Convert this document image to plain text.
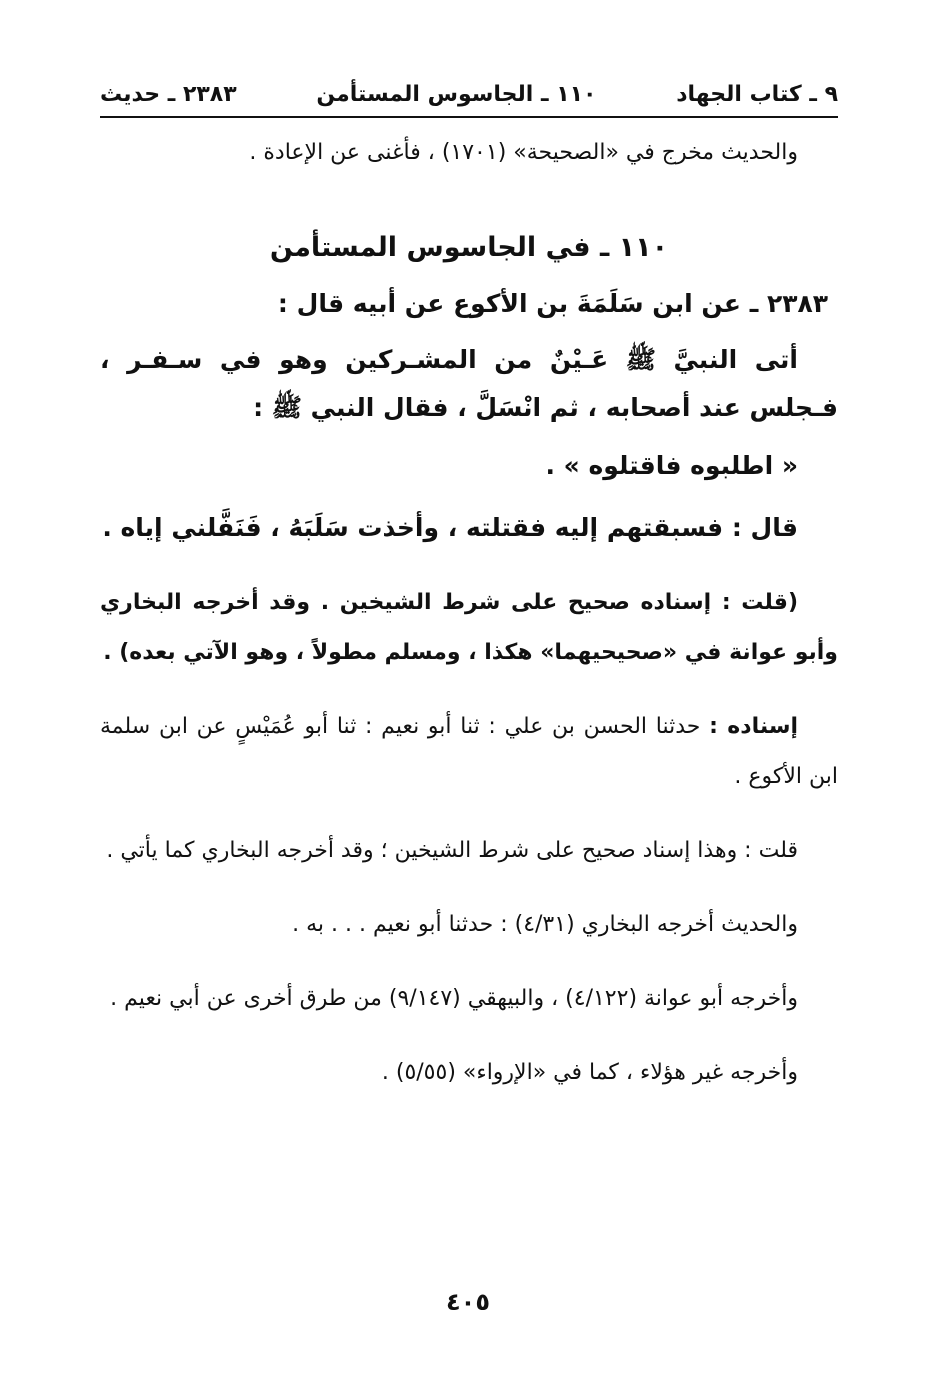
٩ ـ كتاب الجهاد
١١٠ ـ الجاسوس المستأمن
٢٣٨٣ ـ حديث

والحديث مخرج في «الصحيحة» (١٧٠١) ، فأغنى عن الإعادة .

١١٠ ـ في الجاسوس المستأمن

٢٣٨٣ ـ عن ابن سَلَمَةَ بن الأكوع عن أبيه قال :

أتى النبيَّ ﷺ عَـيْنٌ من المشـركين وهو في سـفـر ، فـجلس عند أصحابه ، ثم انْسَلَّ ، فقال النبي ﷺ :

« اطلبوه فاقتلوه » .

قال : فسبقتهم إليه فقتلته ، وأخذت سَلَبَهُ ، فَنَفَّلني إياه .

(قلت : إسناده صحيح على شرط الشيخين . وقد أخرجه البخاري وأبو عوانة في «صحيحيهما» هكذا ، ومسلم مطولاً ، وهو الآتي بعده) .

إسناده : حدثنا الحسن بن علي : ثنا أبو نعيم : ثنا أبو عُمَيْسٍ عن ابن سلمة ابن الأكوع .

قلت : وهذا إسناد صحيح على شرط الشيخين ؛ وقد أخرجه البخاري كما يأتي .

والحديث أخرجه البخاري (٤/٣١) : حدثنا أبو نعيم . . . به .

وأخرجه أبو عوانة (٤/١٢٢) ، والبيهقي (٩/١٤٧) من طرق أخرى عن أبي نعيم .

وأخرجه غير هؤلاء ، كما في «الإرواء» (٥/٥٥) .

٤٠٥
